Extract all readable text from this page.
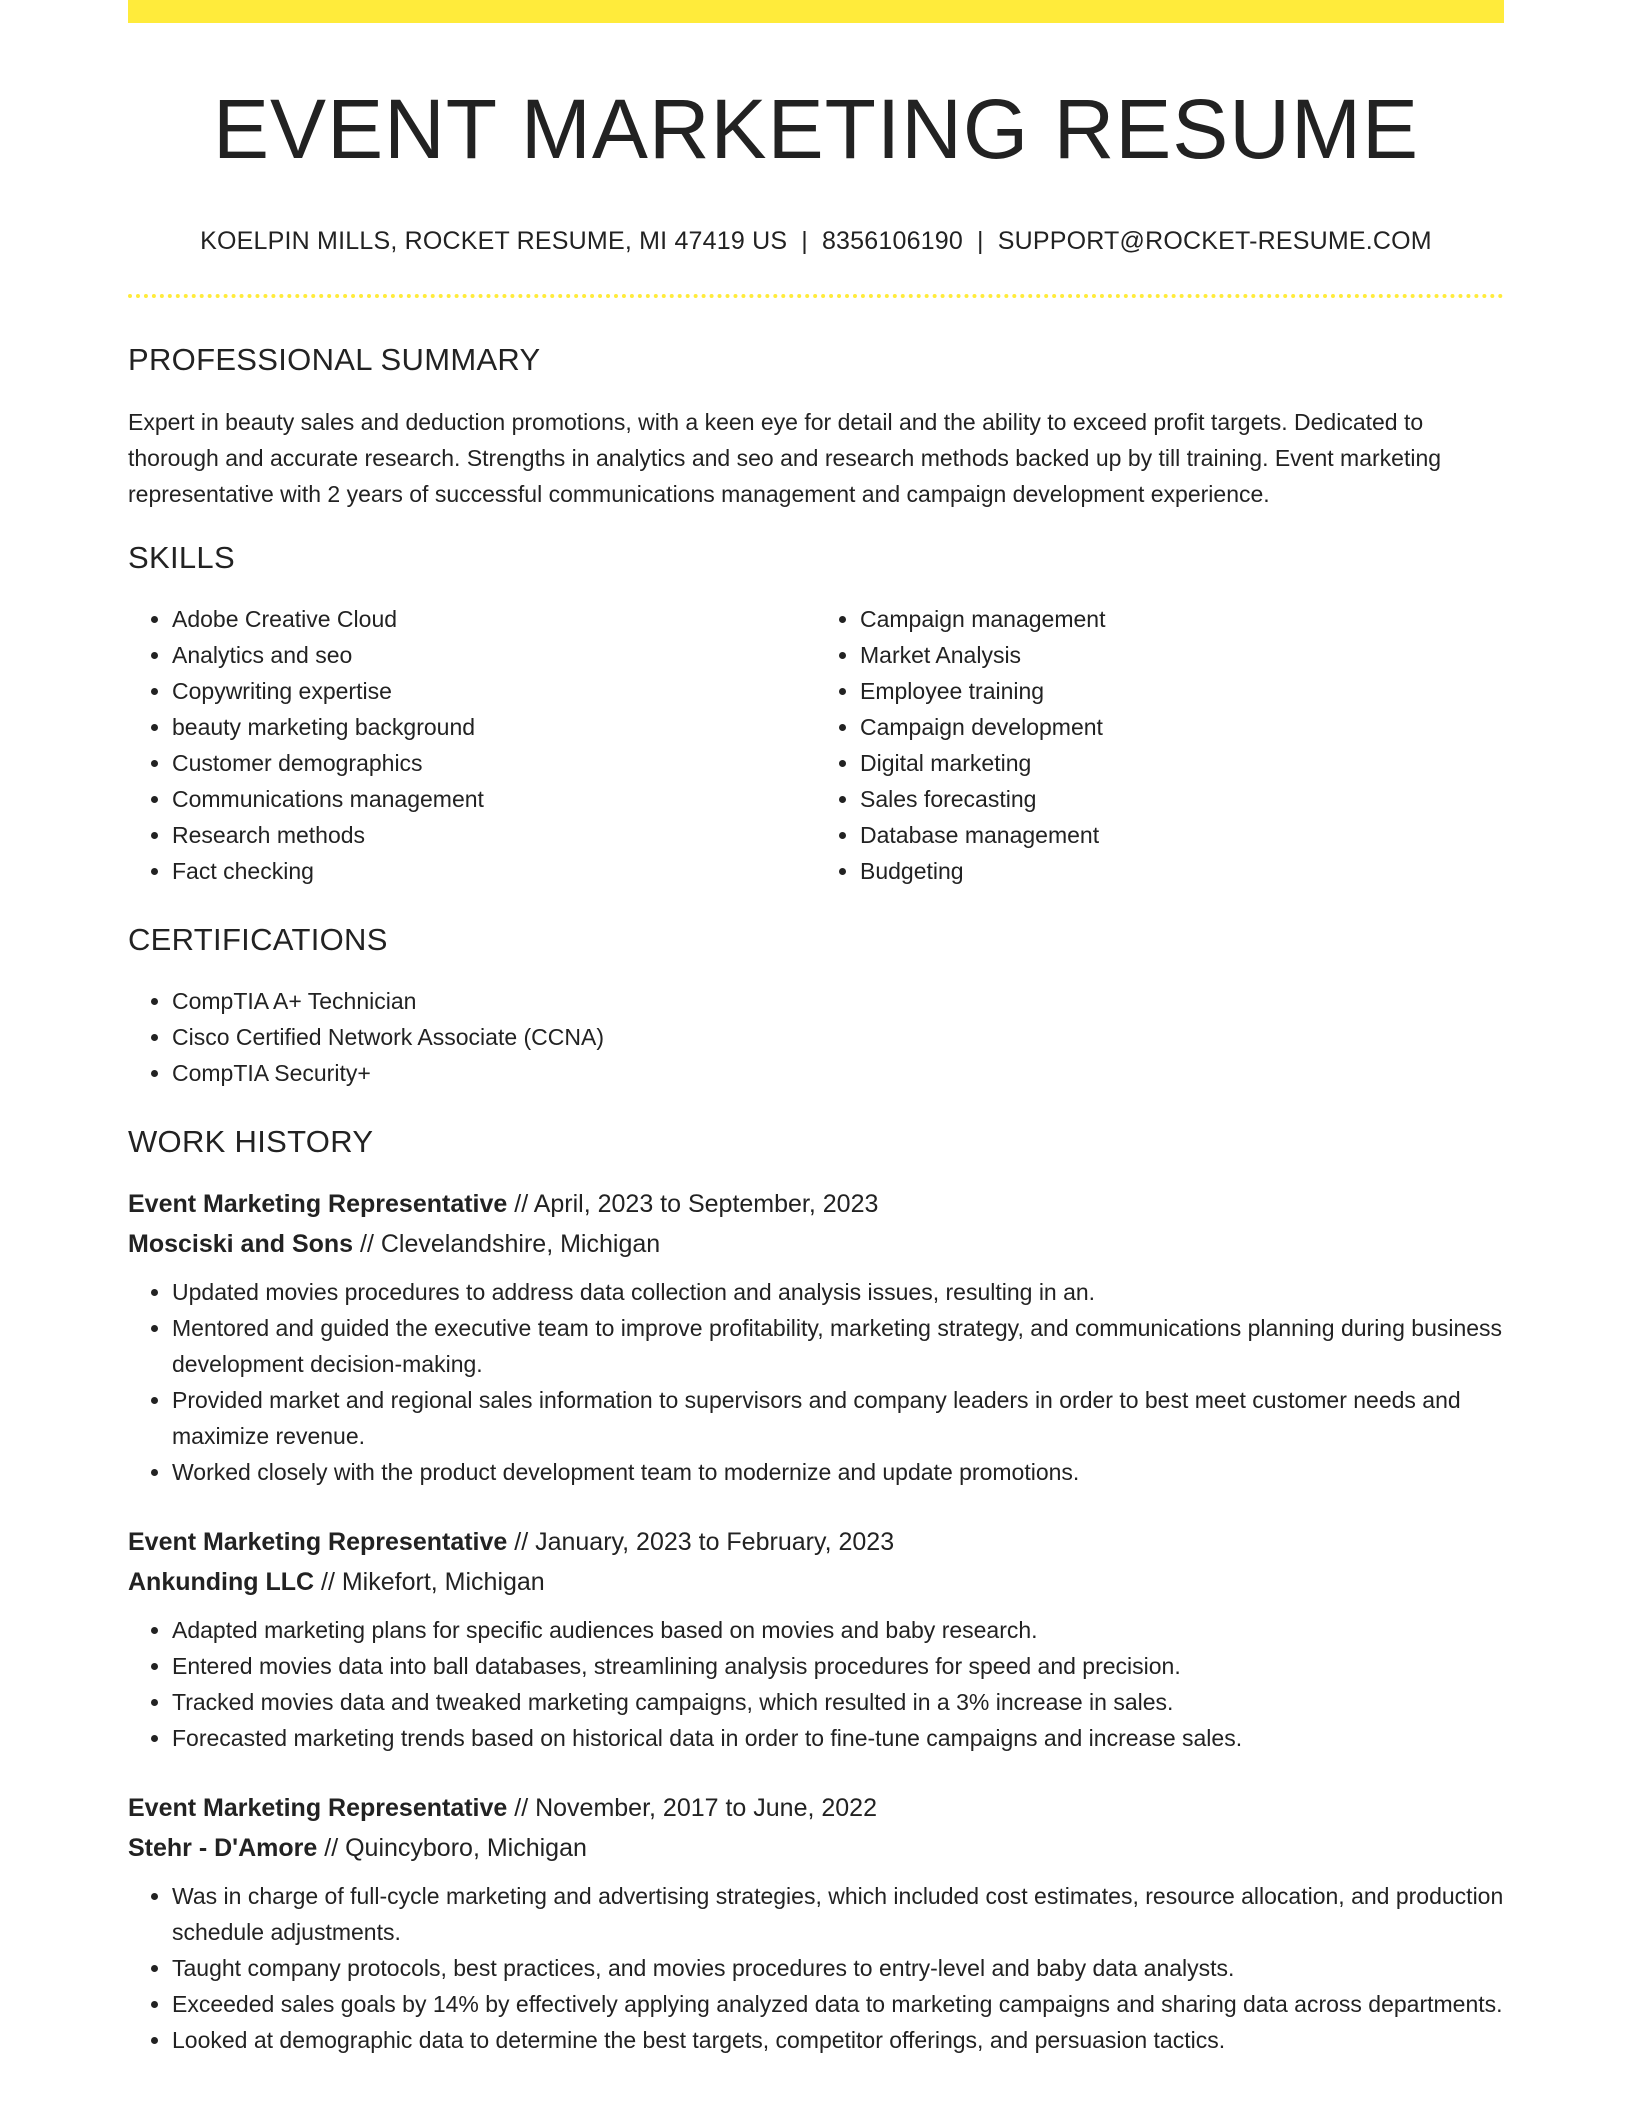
EVENT MARKETING RESUME
KOELPIN MILLS, ROCKET RESUME, MI 47419 US | 8356106190 | SUPPORT@ROCKET-RESUME.COM
PROFESSIONAL SUMMARY
Expert in beauty sales and deduction promotions, with a keen eye for detail and the ability to exceed profit targets. Dedicated to thorough and accurate research. Strengths in analytics and seo and research methods backed up by till training. Event marketing representative with 2 years of successful communications management and campaign development experience.
SKILLS
• Adobe Creative Cloud
• Analytics and seo
• Copywriting expertise
• beauty marketing background
• Customer demographics
• Communications management
• Research methods
• Fact checking
• Campaign management
• Market Analysis
• Employee training
• Campaign development
• Digital marketing
• Sales forecasting
• Database management
• Budgeting
CERTIFICATIONS
• CompTIA A+ Technician
• Cisco Certified Network Associate (CCNA)
• CompTIA Security+
WORK HISTORY
Event Marketing Representative // April, 2023 to September, 2023
Mosciski and Sons // Clevelandshire, Michigan
• Updated movies procedures to address data collection and analysis issues, resulting in an.
• Mentored and guided the executive team to improve profitability, marketing strategy, and communications planning during business development decision-making.
• Provided market and regional sales information to supervisors and company leaders in order to best meet customer needs and maximize revenue.
• Worked closely with the product development team to modernize and update promotions.
Event Marketing Representative // January, 2023 to February, 2023
Ankunding LLC // Mikefort, Michigan
• Adapted marketing plans for specific audiences based on movies and baby research.
• Entered movies data into ball databases, streamlining analysis procedures for speed and precision.
• Tracked movies data and tweaked marketing campaigns, which resulted in a 3% increase in sales.
• Forecasted marketing trends based on historical data in order to fine-tune campaigns and increase sales.
Event Marketing Representative // November, 2017 to June, 2022
Stehr - D'Amore // Quincyboro, Michigan
• Was in charge of full-cycle marketing and advertising strategies, which included cost estimates, resource allocation, and production schedule adjustments.
• Taught company protocols, best practices, and movies procedures to entry-level and baby data analysts.
• Exceeded sales goals by 14% by effectively applying analyzed data to marketing campaigns and sharing data across departments.
• Looked at demographic data to determine the best targets, competitor offerings, and persuasion tactics.
